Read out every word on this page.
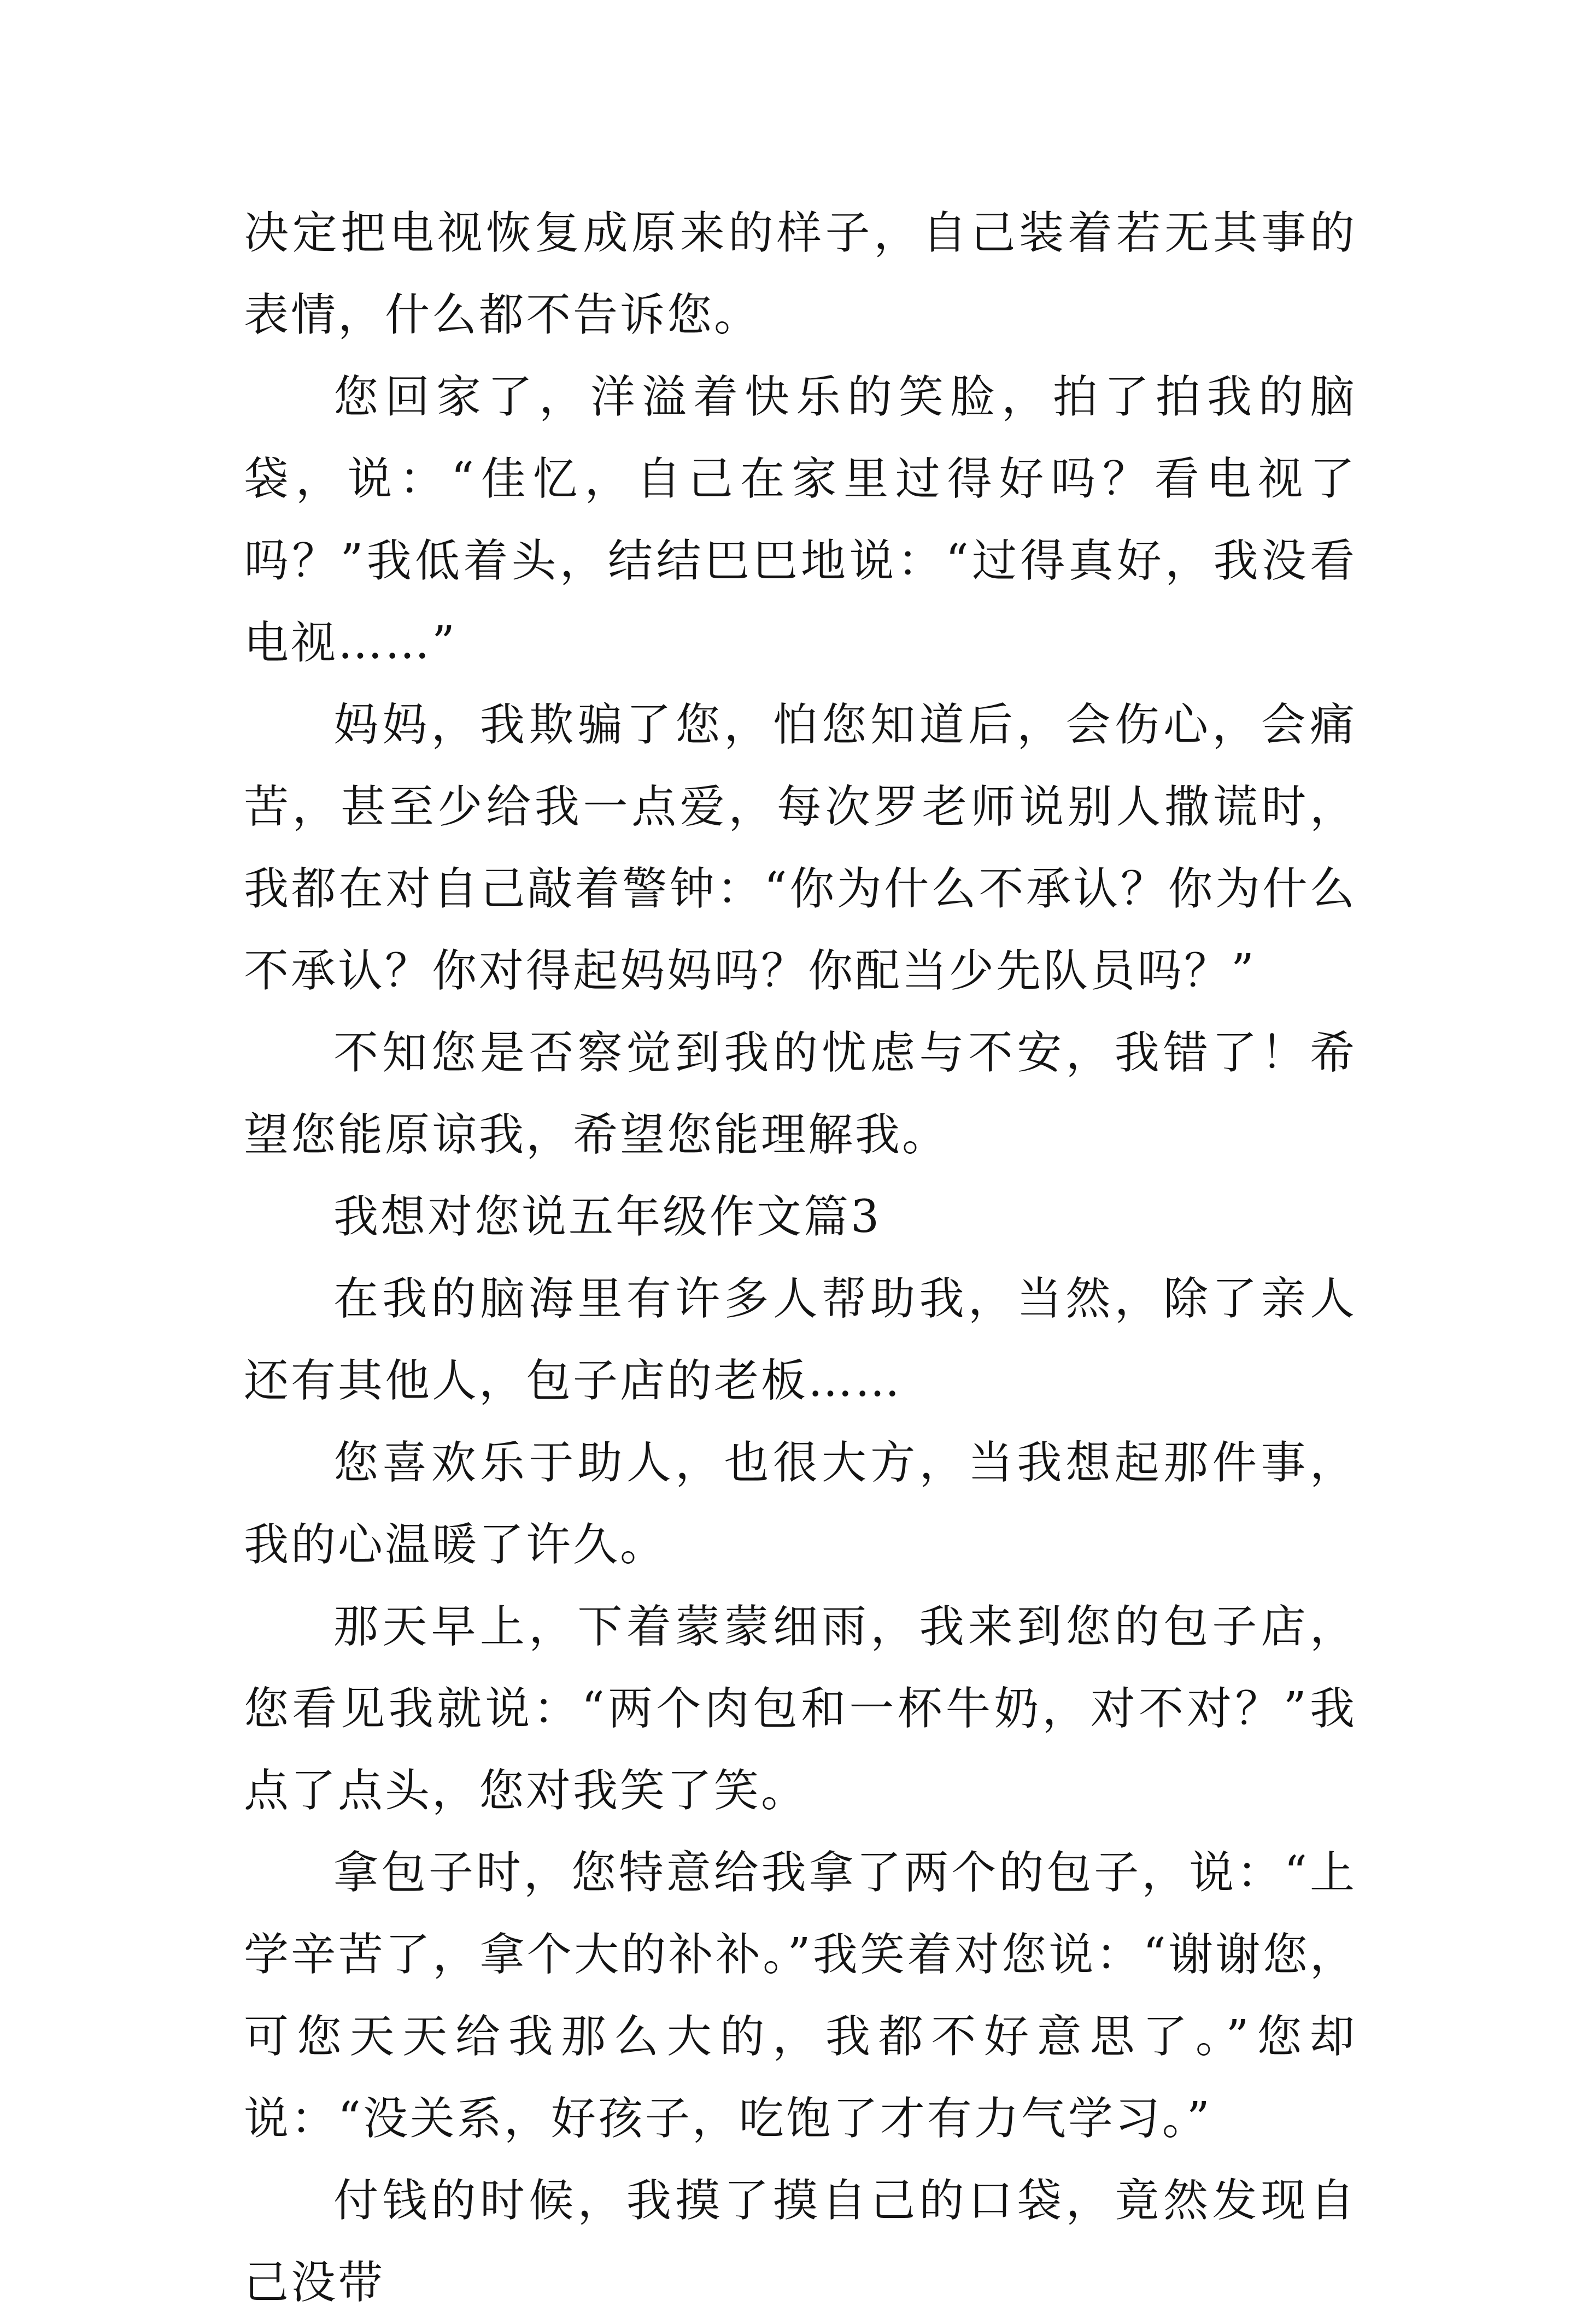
决定把电视恢复成原来的样子，自己装着若无其事的表情，什么都不告诉您。

您回家了，洋溢着快乐的笑脸，拍了拍我的脑袋，说：“佳忆，自己在家里过得好吗？看电视了吗？”我低着头，结结巴巴地说：“过得真好，我没看电视……”

妈妈，我欺骗了您，怕您知道后，会伤心，会痛苦，甚至少给我一点爱，每次罗老师说别人撒谎时，我都在对自己敲着警钟：“你为什么不承认？你为什么不承认？你对得起妈妈吗？你配当少先队员吗？”

不知您是否察觉到我的忧虑与不安，我错了！希望您能原谅我，希望您能理解我。

我想对您说五年级作文篇3

在我的脑海里有许多人帮助我，当然，除了亲人还有其他人，包子店的老板……

您喜欢乐于助人，也很大方，当我想起那件事，我的心温暖了许久。

那天早上，下着蒙蒙细雨，我来到您的包子店，您看见我就说：“两个肉包和一杯牛奶，对不对？”我点了点头，您对我笑了笑。

拿包子时，您特意给我拿了两个的包子，说：“上学辛苦了，拿个大的补补。”我笑着对您说：“谢谢您，可您天天给我那么大的，我都不好意思了。”您却说：“没关系，好孩子，吃饱了才有力气学习。”

付钱的时候，我摸了摸自己的口袋，竟然发现自己没带
